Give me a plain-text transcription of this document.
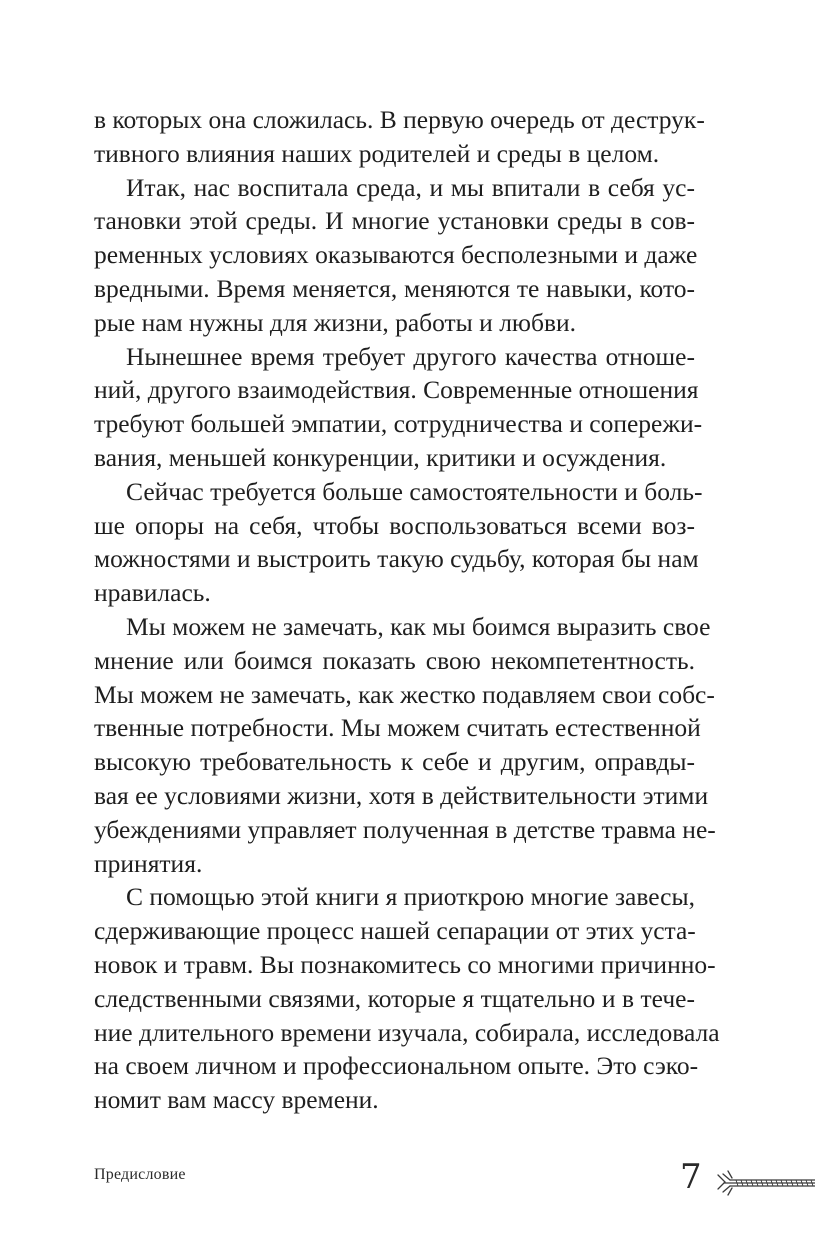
в которых она сложилась. В первую очередь от деструк-
тивного влияния наших родителей и среды в целом.
Итак, нас воспитала среда, и мы впитали в себя ус-
тановки этой среды. И многие установки среды в сов-
ременных условиях оказываются бесполезными и даже
вредными. Время меняется, меняются те навыки, кото-
рые нам нужны для жизни, работы и любви.
Нынешнее время требует другого качества отноше-
ний, другого взаимодействия. Современные отношения
требуют большей эмпатии, сотрудничества и сопережи-
вания, меньшей конкуренции, критики и осуждения.
Сейчас требуется больше самостоятельности и боль-
ше опоры на себя, чтобы воспользоваться всеми воз-
можностями и выстроить такую судьбу, которая бы нам
нравилась.
Мы можем не замечать, как мы боимся выразить свое
мнение или боимся показать свою некомпетентность.
Мы можем не замечать, как жестко подавляем свои собс-
твенные потребности. Мы можем считать естественной
высокую требовательность к себе и другим, оправды-
вая ее условиями жизни, хотя в действительности этими
убеждениями управляет полученная в детстве травма не-
принятия.
С помощью этой книги я приоткрою многие завесы,
сдерживающие процесс нашей сепарации от этих уста-
новок и травм. Вы познакомитесь со многими причинно-
следственными связями, которые я тщательно и в тече-
ние длительного времени изучала, собирала, исследовала
на своем личном и профессиональном опыте. Это сэко-
номит вам массу времени.
Предисловие	7
